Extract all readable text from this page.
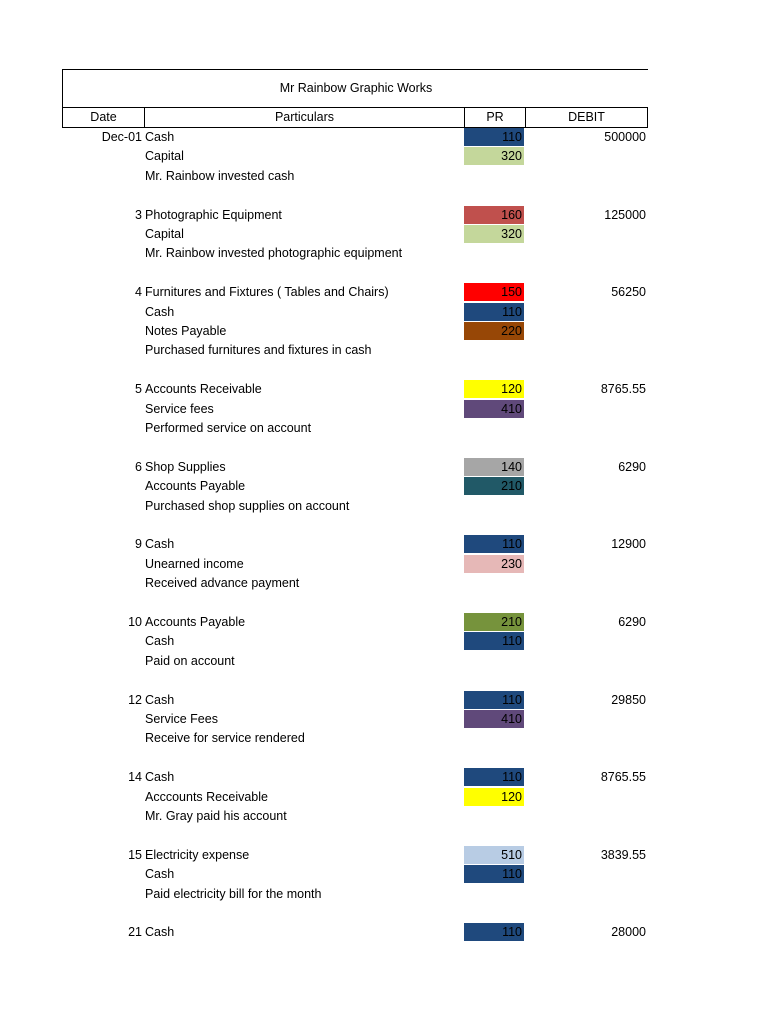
Mr Rainbow Graphic Works
Date	Particulars	PR	DEBIT
Dec-01 Cash	110	500000
Capital	320
Mr. Rainbow invested cash
3 Photographic Equipment	160	125000
Capital	320
Mr. Rainbow invested photographic equipment
4 Furnitures and Fixtures ( Tables and Chairs)	150	56250
Cash	110
Notes Payable	220
Purchased furnitures and fixtures in cash
5 Accounts Receivable	120	8765.55
Service fees	410
Performed service on account
6 Shop Supplies	140	6290
Accounts Payable	210
Purchased shop supplies on account
9 Cash	110	12900
Unearned income	230
Received advance payment
10 Accounts Payable	210	6290
Cash	110
Paid on account
12 Cash	110	29850
Service Fees	410
Receive for service rendered
14 Cash	110	8765.55
Acccounts Receivable	120
Mr. Gray paid his account
15 Electricity expense	510	3839.55
Cash	110
Paid electricity bill for the month
21 Cash	110	28000
